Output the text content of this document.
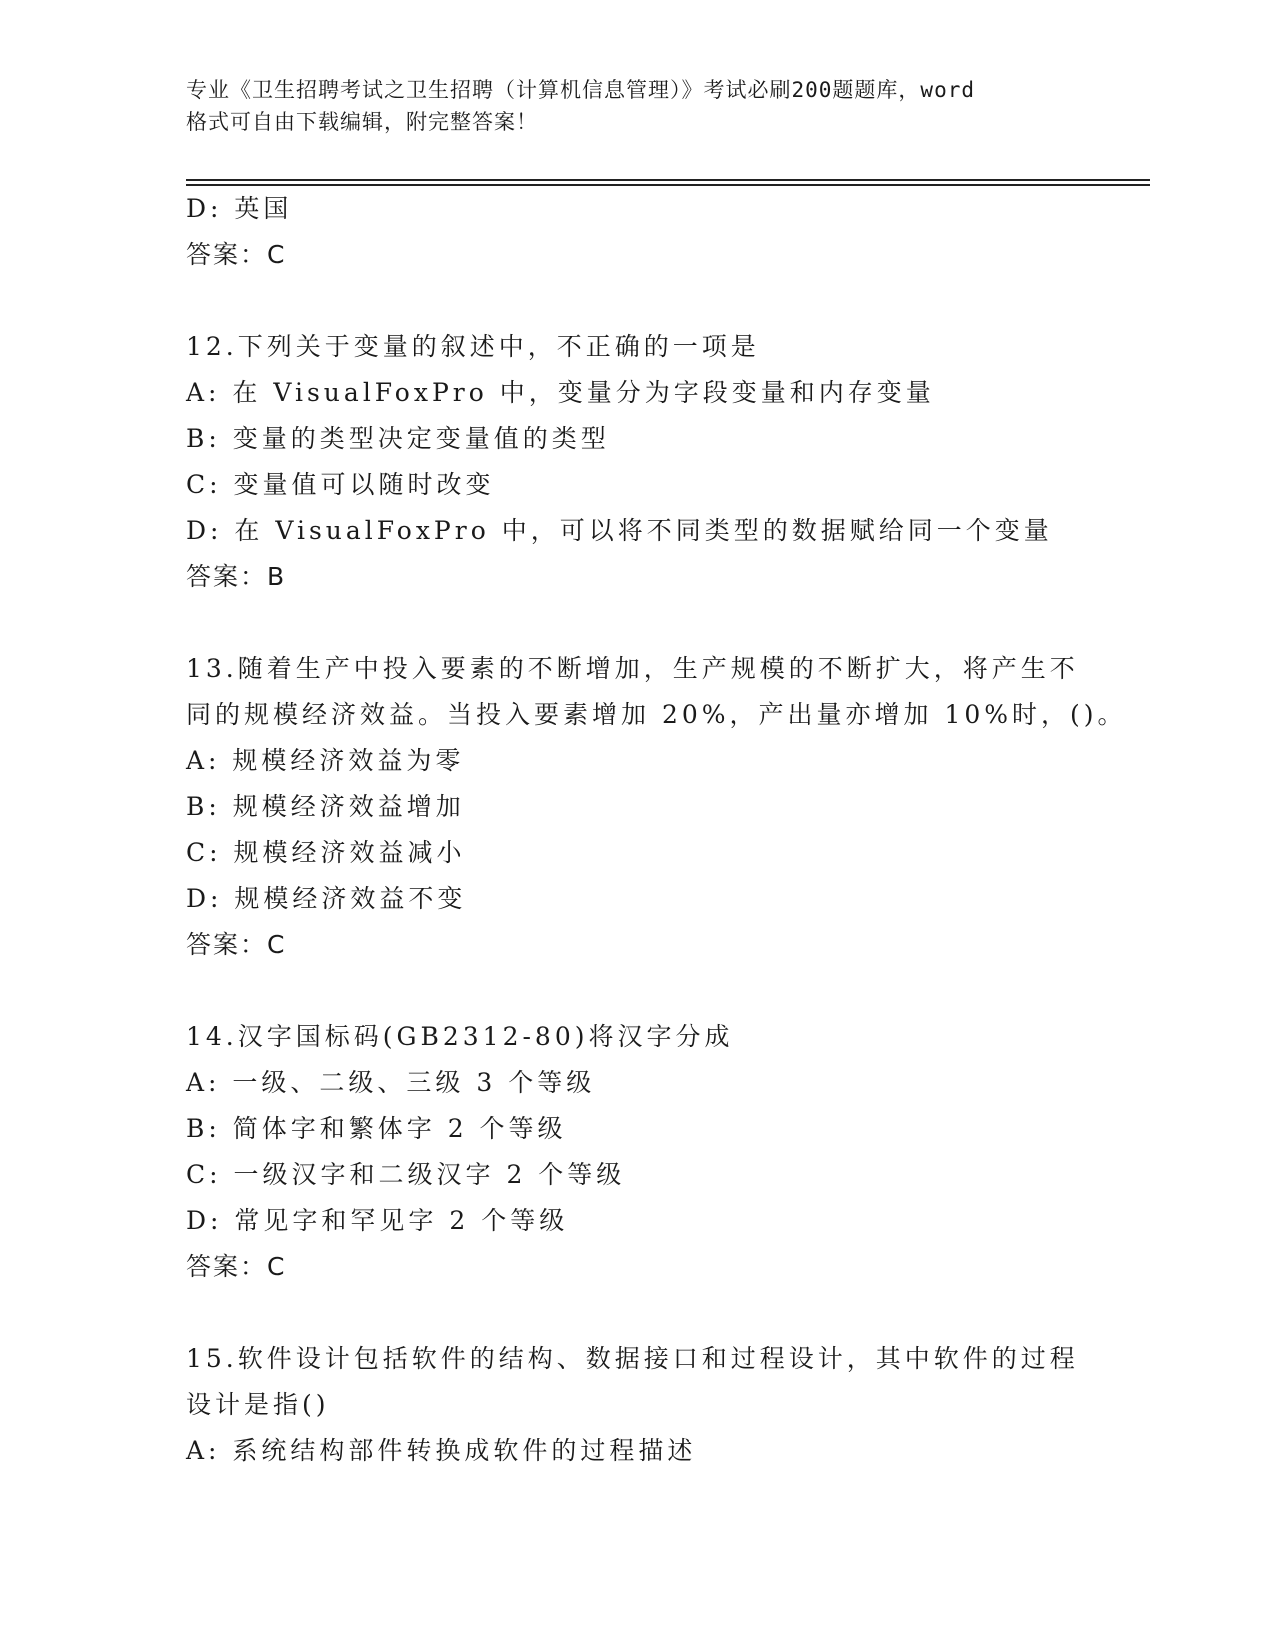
专业《卫生招聘考试之卫生招聘（计算机信息管理）》考试必刷200题题库，word
格式可自由下载编辑，附完整答案！
D: 英国
答案：C
12.下列关于变量的叙述中，不正确的一项是
A: 在 VisualFoxPro 中，变量分为字段变量和内存变量
B: 变量的类型决定变量值的类型
C: 变量值可以随时改变
D: 在 VisualFoxPro 中，可以将不同类型的数据赋给同一个变量
答案：B
13.随着生产中投入要素的不断增加，生产规模的不断扩大，将产生不
同的规模经济效益。当投入要素增加 20%，产出量亦增加 10%时，()。
A: 规模经济效益为零
B: 规模经济效益增加
C: 规模经济效益减小
D: 规模经济效益不变
答案：C
14.汉字国标码(GB2312-80)将汉字分成
A: 一级、二级、三级 3 个等级
B: 简体字和繁体字 2 个等级
C: 一级汉字和二级汉字 2 个等级
D: 常见字和罕见字 2 个等级
答案：C
15.软件设计包括软件的结构、数据接口和过程设计，其中软件的过程
设计是指()
A: 系统结构部件转换成软件的过程描述
